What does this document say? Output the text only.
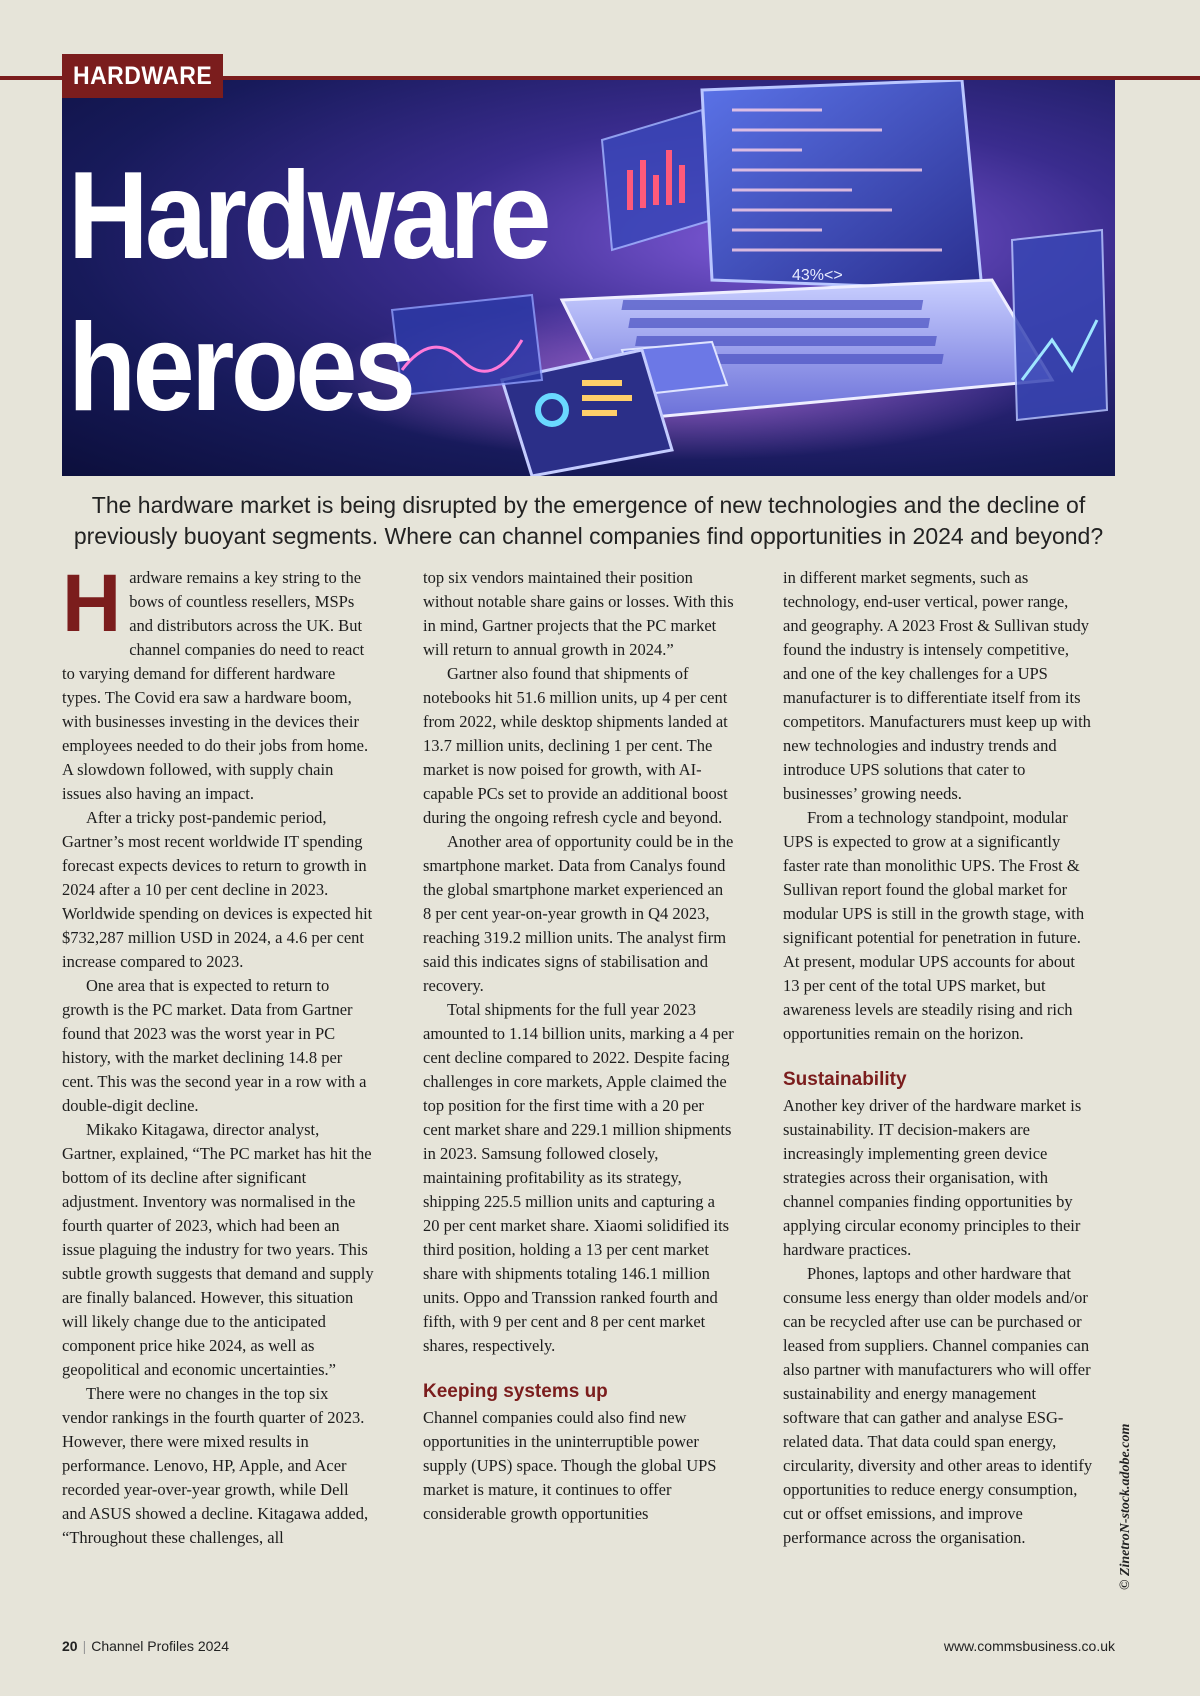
43%<>
HARDWARE
Hardware
heroes

The hardware market is being disrupted by the emergence of new technologies and the decline of previously buoyant segments. Where can channel companies find opportunities in 2024 and beyond?

Hardware remains a key string to the bows of countless resellers, MSPs and distributors across the UK. But channel companies do need to react to varying demand for different hardware types. The Covid era saw a hardware boom, with businesses investing in the devices their employees needed to do their jobs from home. A slowdown followed, with supply chain issues also having an impact.

After a tricky post-pandemic period, Gartner’s most recent worldwide IT spending forecast expects devices to return to growth in 2024 after a 10 per cent decline in 2023. Worldwide spending on devices is expected hit $732,287 million USD in 2024, a 4.6 per cent increase compared to 2023.

One area that is expected to return to growth is the PC market. Data from Gartner found that 2023 was the worst year in PC history, with the market declining 14.8 per cent. This was the second year in a row with a double-digit decline.

Mikako Kitagawa, director analyst, Gartner, explained, “The PC market has hit the bottom of its decline after significant adjustment. Inventory was normalised in the fourth quarter of 2023, which had been an issue plaguing the industry for two years. This subtle growth suggests that demand and supply are finally balanced. However, this situation will likely change due to the anticipated component price hike 2024, as well as geopolitical and economic uncertainties.”

There were no changes in the top six vendor rankings in the fourth quarter of 2023. However, there were mixed results in performance. Lenovo, HP, Apple, and Acer recorded year-over-year growth, while Dell and ASUS showed a decline. Kitagawa added, “Throughout these challenges, all

top six vendors maintained their position without notable share gains or losses. With this in mind, Gartner projects that the PC market will return to annual growth in 2024.”

Gartner also found that shipments of notebooks hit 51.6 million units, up 4 per cent from 2022, while desktop shipments landed at 13.7 million units, declining 1 per cent. The market is now poised for growth, with AI-capable PCs set to provide an additional boost during the ongoing refresh cycle and beyond.

Another area of opportunity could be in the smartphone market. Data from Canalys found the global smartphone market experienced an 8 per cent year-on-year growth in Q4 2023, reaching 319.2 million units. The analyst firm said this indicates signs of stabilisation and recovery.

Total shipments for the full year 2023 amounted to 1.14 billion units, marking a 4 per cent decline compared to 2022. Despite facing challenges in core markets, Apple claimed the top position for the first time with a 20 per cent market share and 229.1 million shipments in 2023. Samsung followed closely, maintaining profitability as its strategy, shipping 225.5 million units and capturing a 20 per cent market share. Xiaomi solidified its third position, holding a 13 per cent market share with shipments totaling 146.1 million units. Oppo and Transsion ranked fourth and fifth, with 9 per cent and 8 per cent market shares, respectively.

Keeping systems up

Channel companies could also find new opportunities in the uninterruptible power supply (UPS) space. Though the global UPS market is mature, it continues to offer considerable growth opportunities

in different market segments, such as technology, end-user vertical, power range, and geography. A 2023 Frost & Sullivan study found the industry is intensely competitive, and one of the key challenges for a UPS manufacturer is to differentiate itself from its competitors. Manufacturers must keep up with new technologies and industry trends and introduce UPS solutions that cater to businesses’ growing needs.

From a technology standpoint, modular UPS is expected to grow at a significantly faster rate than monolithic UPS. The Frost & Sullivan report found the global market for modular UPS is still in the growth stage, with significant potential for penetration in future. At present, modular UPS accounts for about 13 per cent of the total UPS market, but awareness levels are steadily rising and rich opportunities remain on the horizon.

Sustainability

Another key driver of the hardware market is sustainability. IT decision-makers are increasingly implementing green device strategies across their organisation, with channel companies finding opportunities by applying circular economy principles to their hardware practices.

Phones, laptops and other hardware that consume less energy than older models and/or can be recycled after use can be purchased or leased from suppliers. Channel companies can also partner with manufacturers who will offer sustainability and energy management software that can gather and analyse ESG-related data. That data could span energy, circularity, diversity and other areas to identify opportunities to reduce energy consumption, cut or offset emissions, and improve performance across the organisation.	© ZinetroN-stock.adobe.com
20 | Channel Profiles 2024	www.commsbusiness.co.uk
